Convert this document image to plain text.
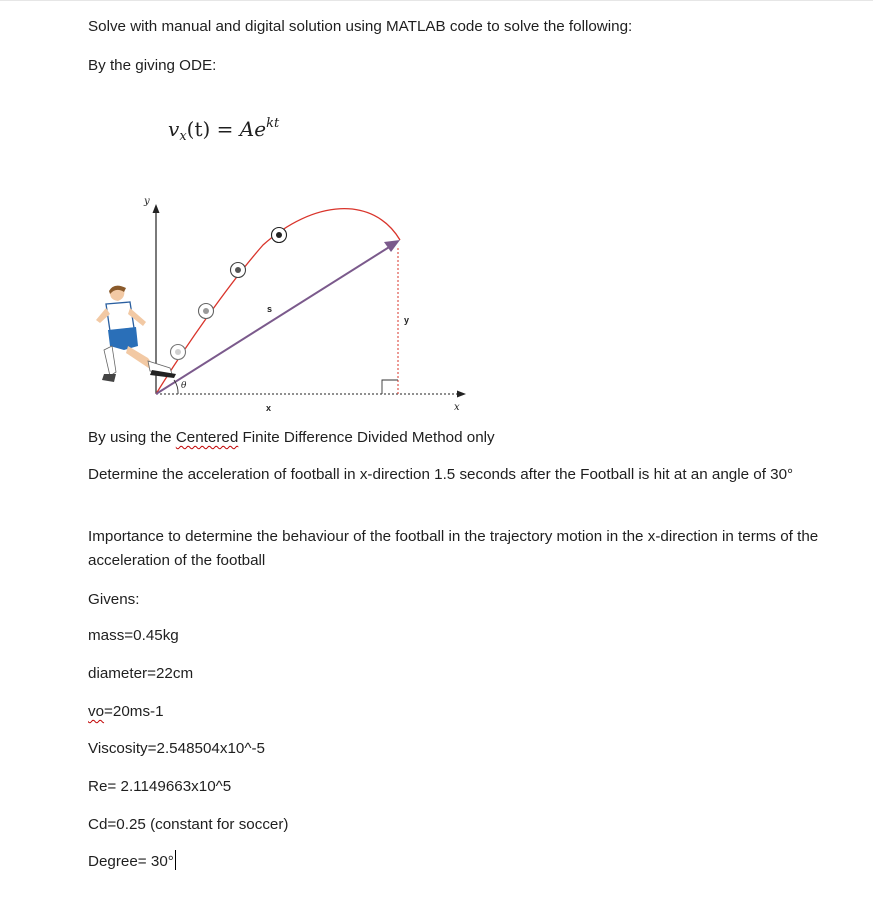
Solve with manual and digital solution using MATLAB code to solve the following:

By the giving ODE:

$v_x(t) = Ae^{kt}$
y
x
s
y
x
θ

By using the Centered Finite Difference Divided Method only

Determine the acceleration of football in x-direction 1.5 seconds after the Football is hit at an angle of 30°

Importance to determine the behaviour of the football in the trajectory motion in the x-direction in terms of the acceleration of the football

Givens:

mass=0.45kg

diameter=22cm

vo=20ms-1

Viscosity=2.548504x10^-5

Re= 2.1149663x10^5

Cd=0.25 (constant for soccer)

Degree= 30°
